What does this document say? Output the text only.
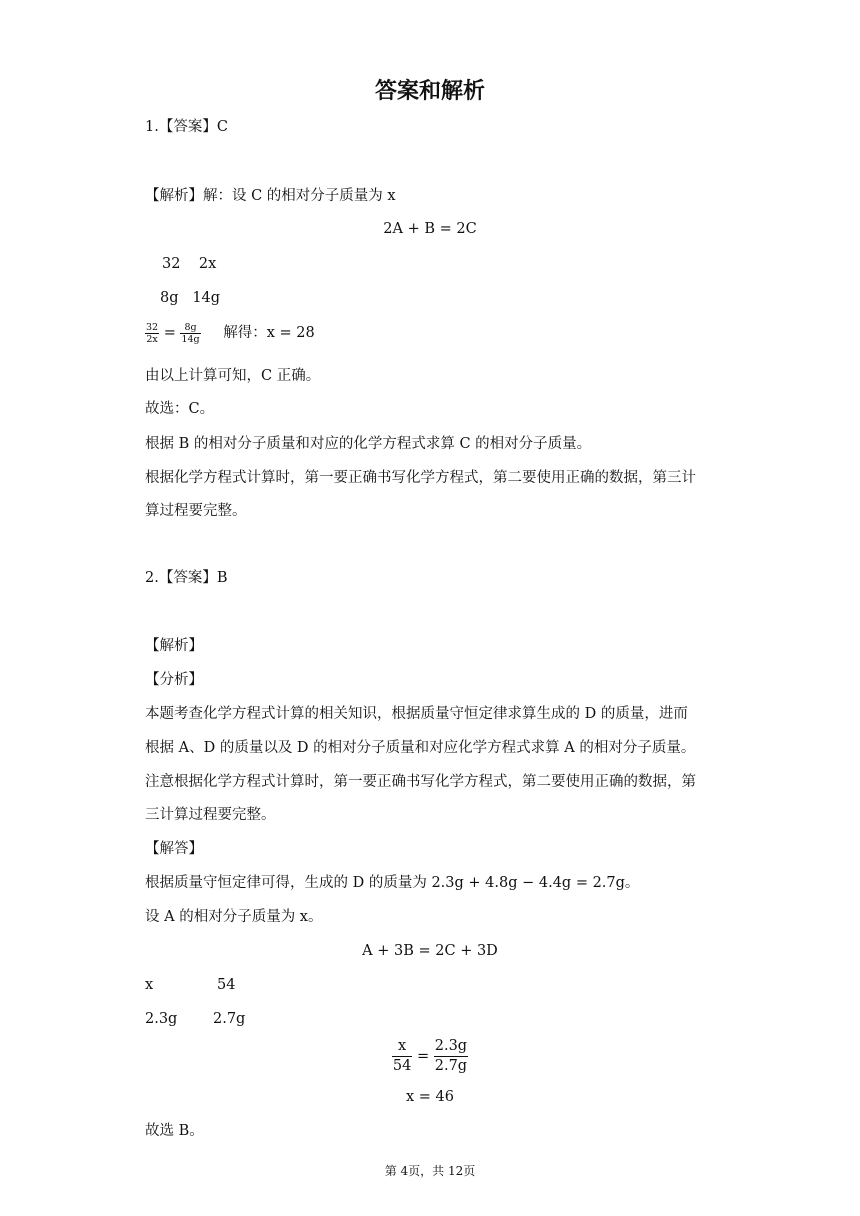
答案和解析
1.【答案】C
【解析】解：设 C 的相对分子质量为 x
2A + B = 2C
32    2x
8g   14g
$\frac{32}{2x} = \frac{8g}{14g}$ 解得：x = 28
由以上计算可知，C 正确。
故选：C。
根据 B 的相对分子质量和对应的化学方程式求算 C 的相对分子质量。
根据化学方程式计算时，第一要正确书写化学方程式，第二要使用正确的数据，第三计
算过程要完整。
2.【答案】B
【解析】
【分析】
本题考查化学方程式计算的相关知识，根据质量守恒定律求算生成的 D 的质量，进而
根据 A、D 的质量以及 D 的相对分子质量和对应化学方程式求算 A 的相对分子质量。
注意根据化学方程式计算时，第一要正确书写化学方程式，第二要使用正确的数据，第
三计算过程要完整。
【解答】
根据质量守恒定律可得，生成的 D 的质量为 2.3g + 4.8g − 4.4g = 2.7g。
设 A 的相对分子质量为 x。
A + 3B = 2C + 3D
x	54
2.3g 2.7g
$\frac{x}{54} = \frac{2.3g}{2.7g}$
x = 46
故选 B。
第 4页，共 12页
